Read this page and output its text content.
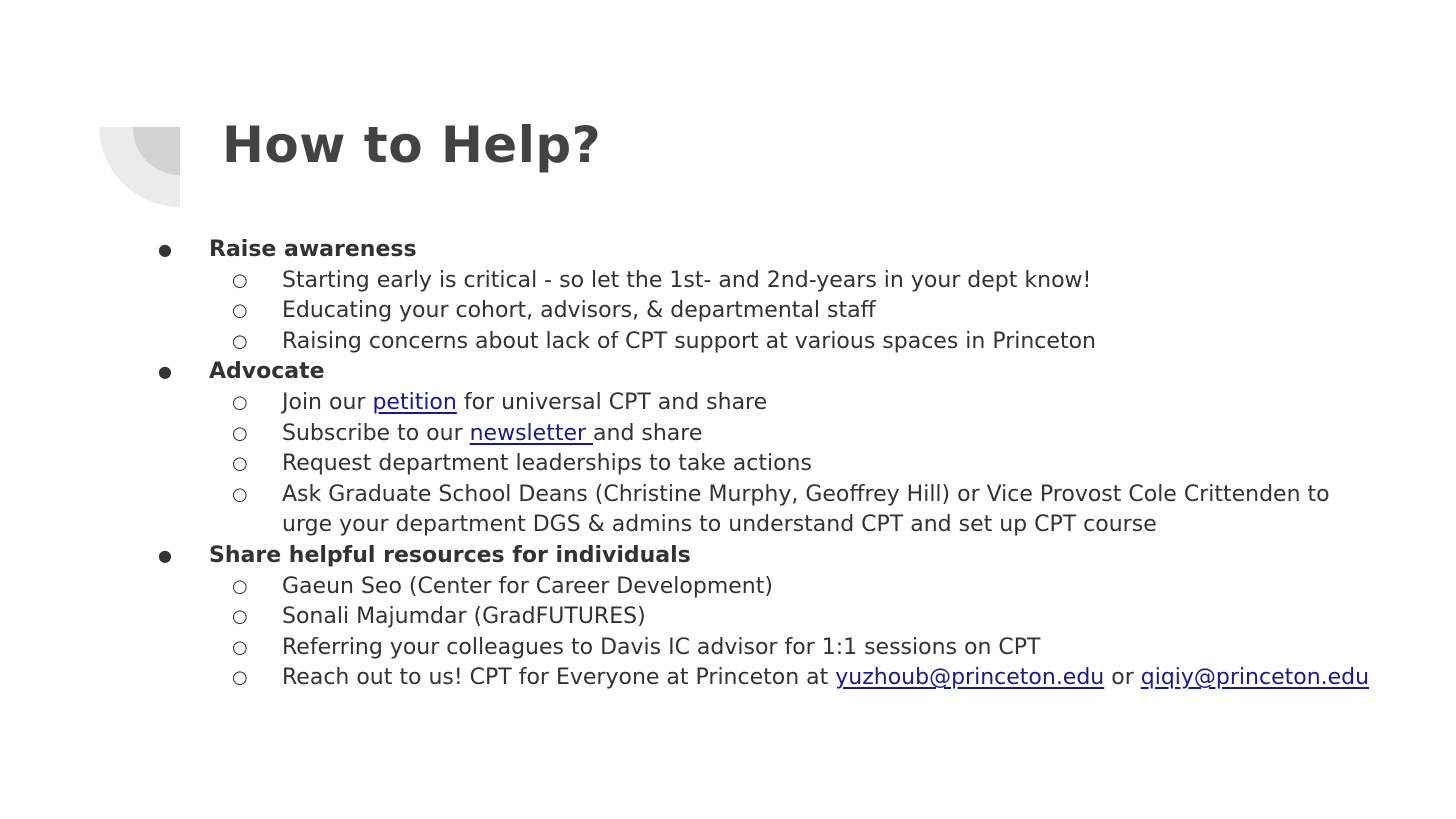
How to Help?
● Raise awareness
○ Starting early is critical - so let the 1st- and 2nd-years in your dept know!
○ Educating your cohort, advisors, & departmental staff
○ Raising concerns about lack of CPT support at various spaces in Princeton
● Advocate
○ Join our petition for universal CPT and share
○ Subscribe to our newsletter and share
○ Request department leaderships to take actions
○ Ask Graduate School Deans (Christine Murphy, Geoffrey Hill) or Vice Provost Cole Crittenden to
urge your department DGS & admins to understand CPT and set up CPT course
● Share helpful resources for individuals
○ Gaeun Seo (Center for Career Development)
○ Sonali Majumdar (GradFUTURES)
○ Referring your colleagues to Davis IC advisor for 1:1 sessions on CPT
○ Reach out to us! CPT for Everyone at Princeton at yuzhoub@princeton.edu or qiqiy@princeton.edu
